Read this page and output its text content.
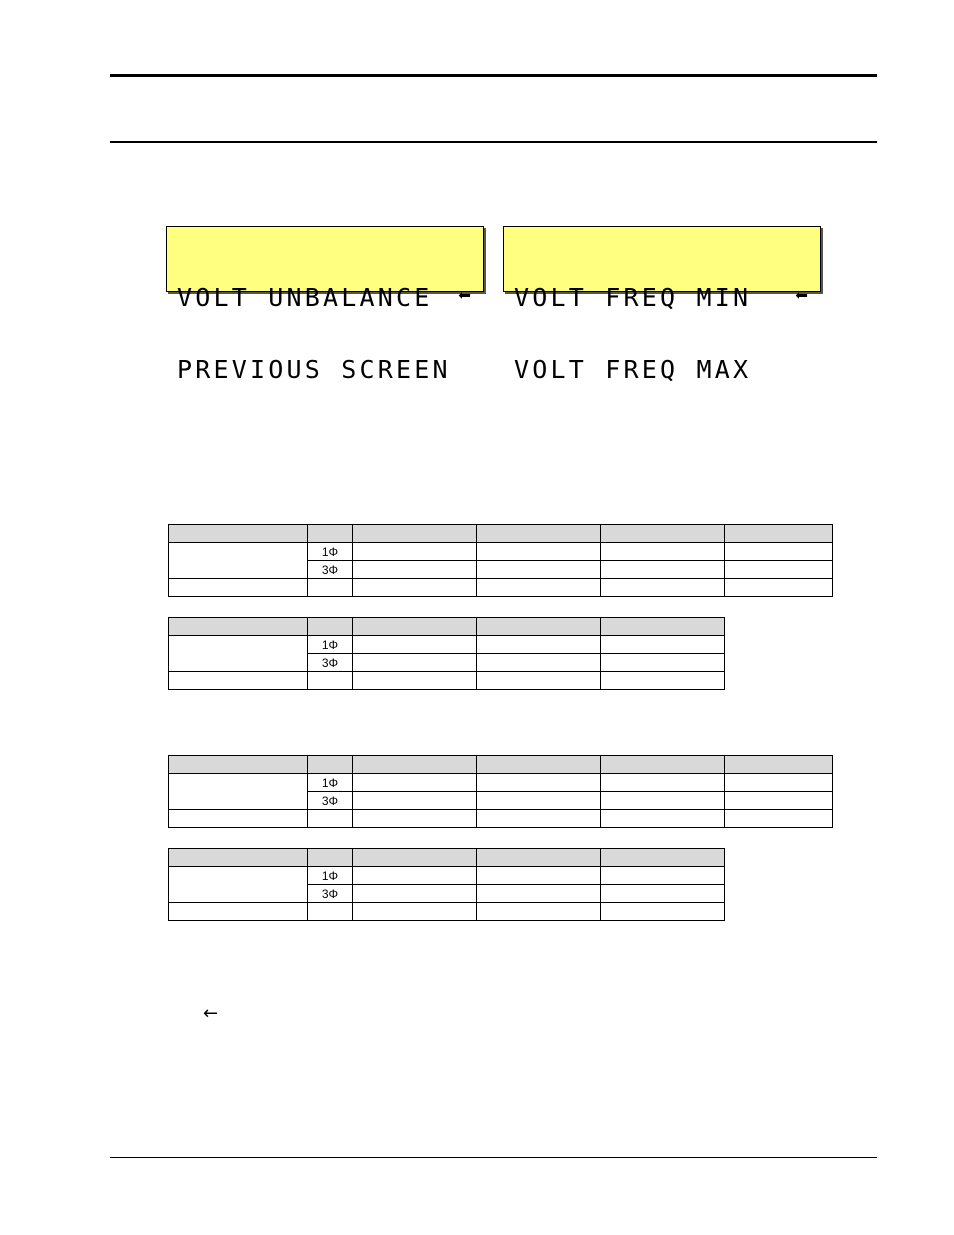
VOLT UNBALANCE ⬅

PREVIOUS SCREEN

VOLT FREQ MIN ⬅

VOLT FREQ MAX

	1Φ				
	3Φ				

	1Φ			
	3Φ			

	1Φ				
	3Φ				

	1Φ			
	3Φ			

←
